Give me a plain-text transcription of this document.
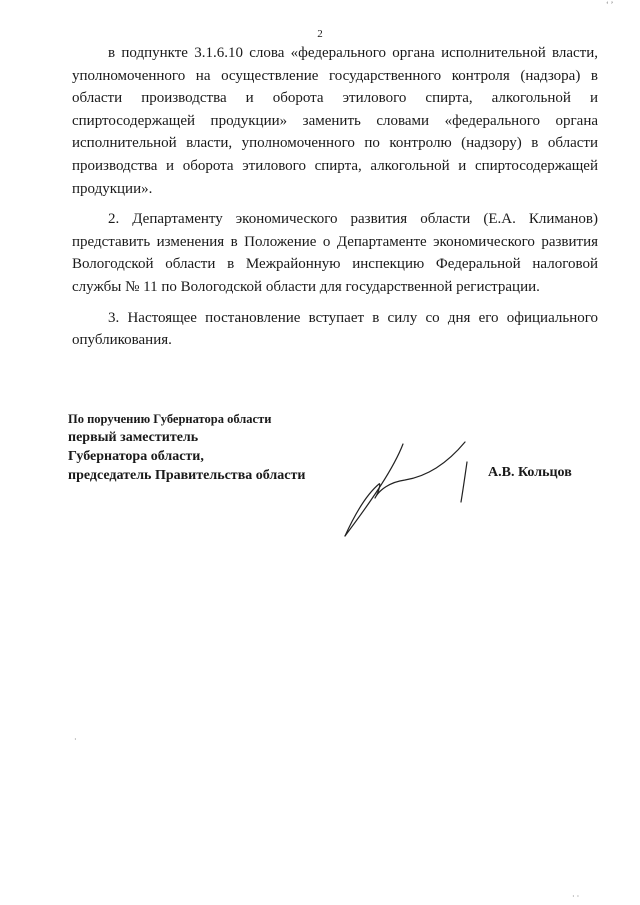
2

в подпункте 3.1.6.10 слова «федерального органа исполнительной власти, уполномоченного на осуществление государственного контроля (надзора) в области производства и оборота этилового спирта, алкогольной и спиртосодержащей продукции» заменить словами «федерального органа исполнительной власти, уполномоченного по контролю (надзору) в области производства и оборота этилового спирта, алкогольной и спиртосодержащей продукции».

2. Департаменту экономического развития области (Е.А. Климанов) представить изменения в Положение о Департаменте экономического развития Вологодской области в Межрайонную инспекцию Федеральной налоговой службы № 11 по Вологодской области для государственной регистрации.

3. Настоящее постановление вступает в силу со дня его официального опубликования.

По поручению Губернатора области
первый заместитель
Губернатора области,
председатель Правительства области	А.В. Кольцов
‘ ’
·
· ·
